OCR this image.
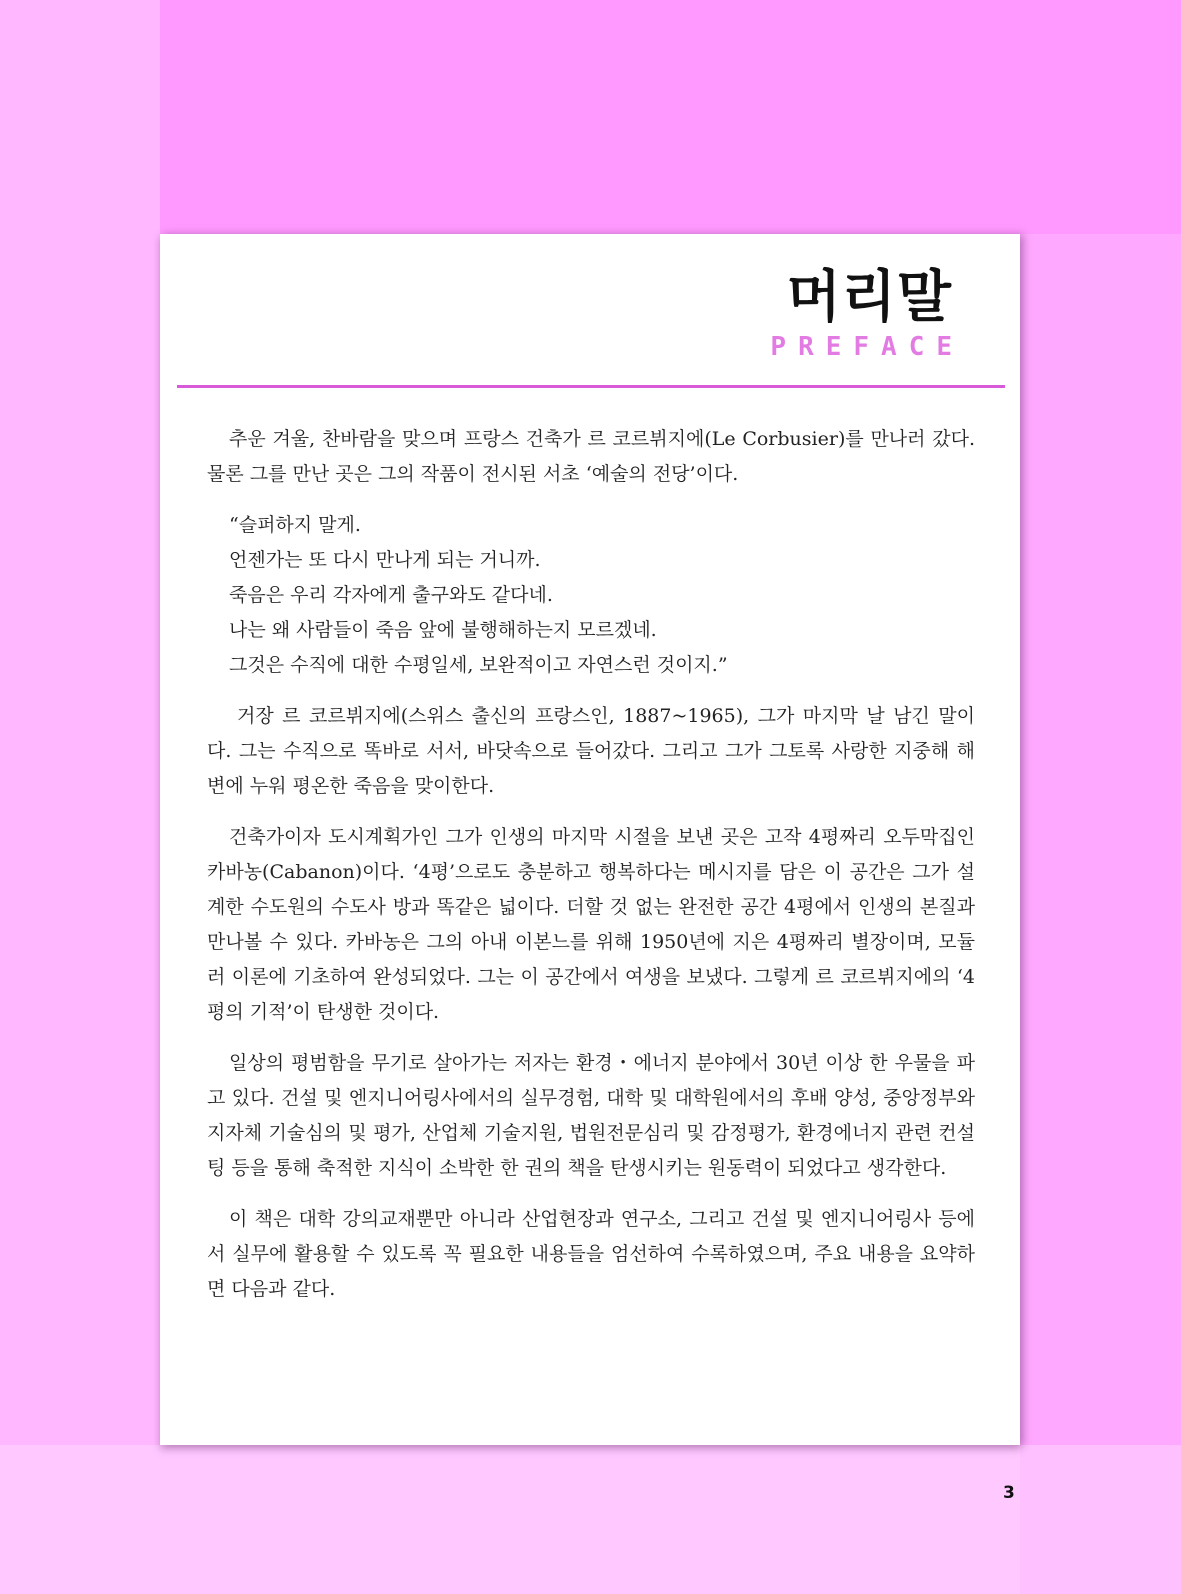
머리말
PREFACE

추운 겨울, 찬바람을 맞으며 프랑스 건축가 르 코르뷔지에(Le Corbusier)를 만나러 갔다. 물론 그를 만난 곳은 그의 작품이 전시된 서초 ‘예술의 전당’이다.

“슬퍼하지 말게.
언젠가는 또 다시 만나게 되는 거니까.
죽음은 우리 각자에게 출구와도 같다네.
나는 왜 사람들이 죽음 앞에 불행해하는지 모르겠네.
그것은 수직에 대한 수평일세, 보완적이고 자연스런 것이지.”

거장 르 코르뷔지에(스위스 출신의 프랑스인, 1887~1965), 그가 마지막 날 남긴 말이다. 그는 수직으로 똑바로 서서, 바닷속으로 들어갔다. 그리고 그가 그토록 사랑한 지중해 해변에 누워 평온한 죽음을 맞이한다.

건축가이자 도시계획가인 그가 인생의 마지막 시절을 보낸 곳은 고작 4평짜리 오두막집인 카바농(Cabanon)이다. ‘4평’으로도 충분하고 행복하다는 메시지를 담은 이 공간은 그가 설계한 수도원의 수도사 방과 똑같은 넓이다. 더할 것 없는 완전한 공간 4평에서 인생의 본질과 만나볼 수 있다. 카바농은 그의 아내 이본느를 위해 1950년에 지은 4평짜리 별장이며, 모듈러 이론에 기초하여 완성되었다. 그는 이 공간에서 여생을 보냈다. 그렇게 르 코르뷔지에의 ‘4평의 기적’이 탄생한 것이다.

일상의 평범함을 무기로 살아가는 저자는 환경・에너지 분야에서 30년 이상 한 우물을 파고 있다. 건설 및 엔지니어링사에서의 실무경험, 대학 및 대학원에서의 후배 양성, 중앙정부와 지자체 기술심의 및 평가, 산업체 기술지원, 법원전문심리 및 감정평가, 환경에너지 관련 컨설팅 등을 통해 축적한 지식이 소박한 한 권의 책을 탄생시키는 원동력이 되었다고 생각한다.

이 책은 대학 강의교재뿐만 아니라 산업현장과 연구소, 그리고 건설 및 엔지니어링사 등에서 실무에 활용할 수 있도록 꼭 필요한 내용들을 엄선하여 수록하였으며, 주요 내용을 요약하면 다음과 같다.

3
